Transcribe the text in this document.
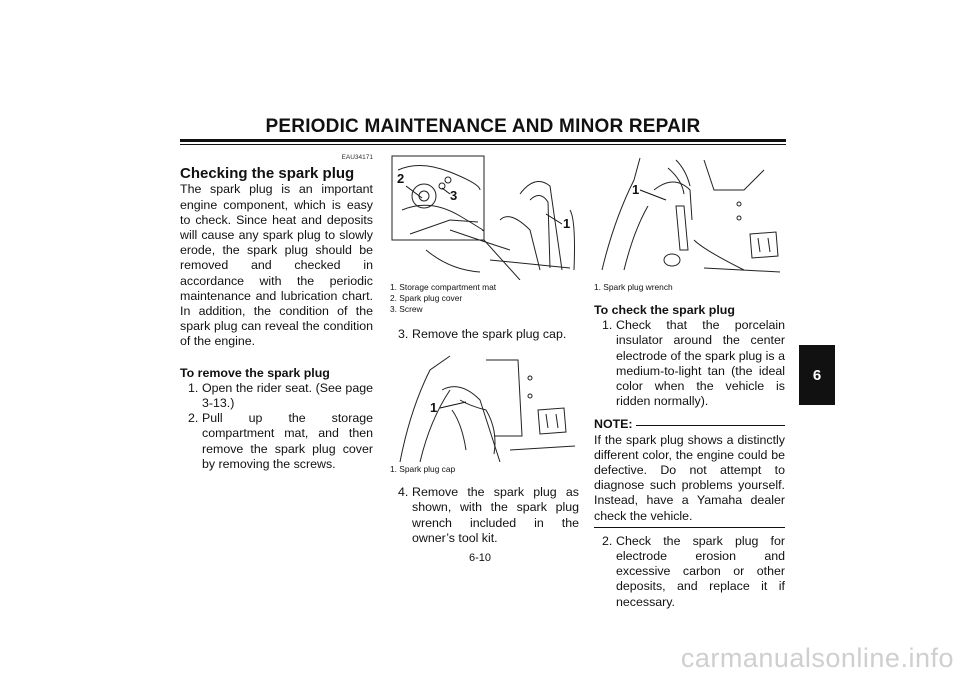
PERIODIC MAINTENANCE AND MINOR REPAIR
6
EAU34171
Checking the spark plug

The spark plug is an important engine component, which is easy to check. Since heat and deposits will cause any spark plug to slowly erode, the spark plug should be removed and checked in accordance with the periodic maintenance and lubrication chart. In addition, the condition of the spark plug can reveal the condition of the engine.

To remove the spark plug
1. Open the rider seat. (See page 3-13.)
2. Pull up the storage compartment mat, and then remove the spark plug cover by removing the screws.
2
3
1
1. Storage compartment mat
2. Spark plug cover
3. Screw
3. Remove the spark plug cap.
1
1. Spark plug cap
4. Remove the spark plug as shown, with the spark plug wrench included in the owner’s tool kit.
1
1. Spark plug wrench
To check the spark plug
1. Check that the porcelain insulator around the center electrode of the spark plug is a medium-to-light tan (the ideal color when the vehicle is ridden normally).
NOTE:

If the spark plug shows a distinctly different color, the engine could be defective. Do not attempt to diagnose such problems yourself. Instead, have a Yamaha dealer check the vehicle.

2. Check the spark plug for electrode erosion and excessive carbon or other deposits, and replace it if necessary.
6-10
carmanualsonline.info
